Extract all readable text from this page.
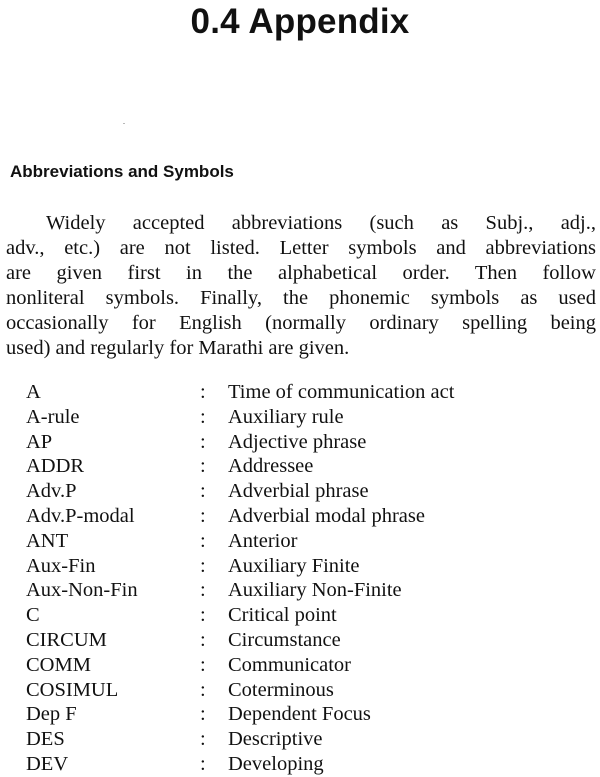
0.4 Appendix
Abbreviations and Symbols

Widely accepted abbreviations (such as Subj., adj.,
adv., etc.) are not listed. Letter symbols and abbreviations
are given first in the alphabetical order. Then follow
nonliteral symbols. Finally, the phonemic symbols as used
occasionally for English (normally ordinary spelling being
used) and regularly for Marathi are given.

A	:	Time of communication act
A-rule	:	Auxiliary rule
AP	:	Adjective phrase
ADDR	:	Addressee
Adv.P	:	Adverbial phrase
Adv.P-modal	:	Adverbial modal phrase
ANT	:	Anterior
Aux-Fin	:	Auxiliary Finite
Aux-Non-Fin	:	Auxiliary Non-Finite
C	:	Critical point
CIRCUM	:	Circumstance
COMM	:	Communicator
COSIMUL	:	Coterminous
Dep F	:	Dependent Focus
DES	:	Descriptive
DEV	:	Developing
